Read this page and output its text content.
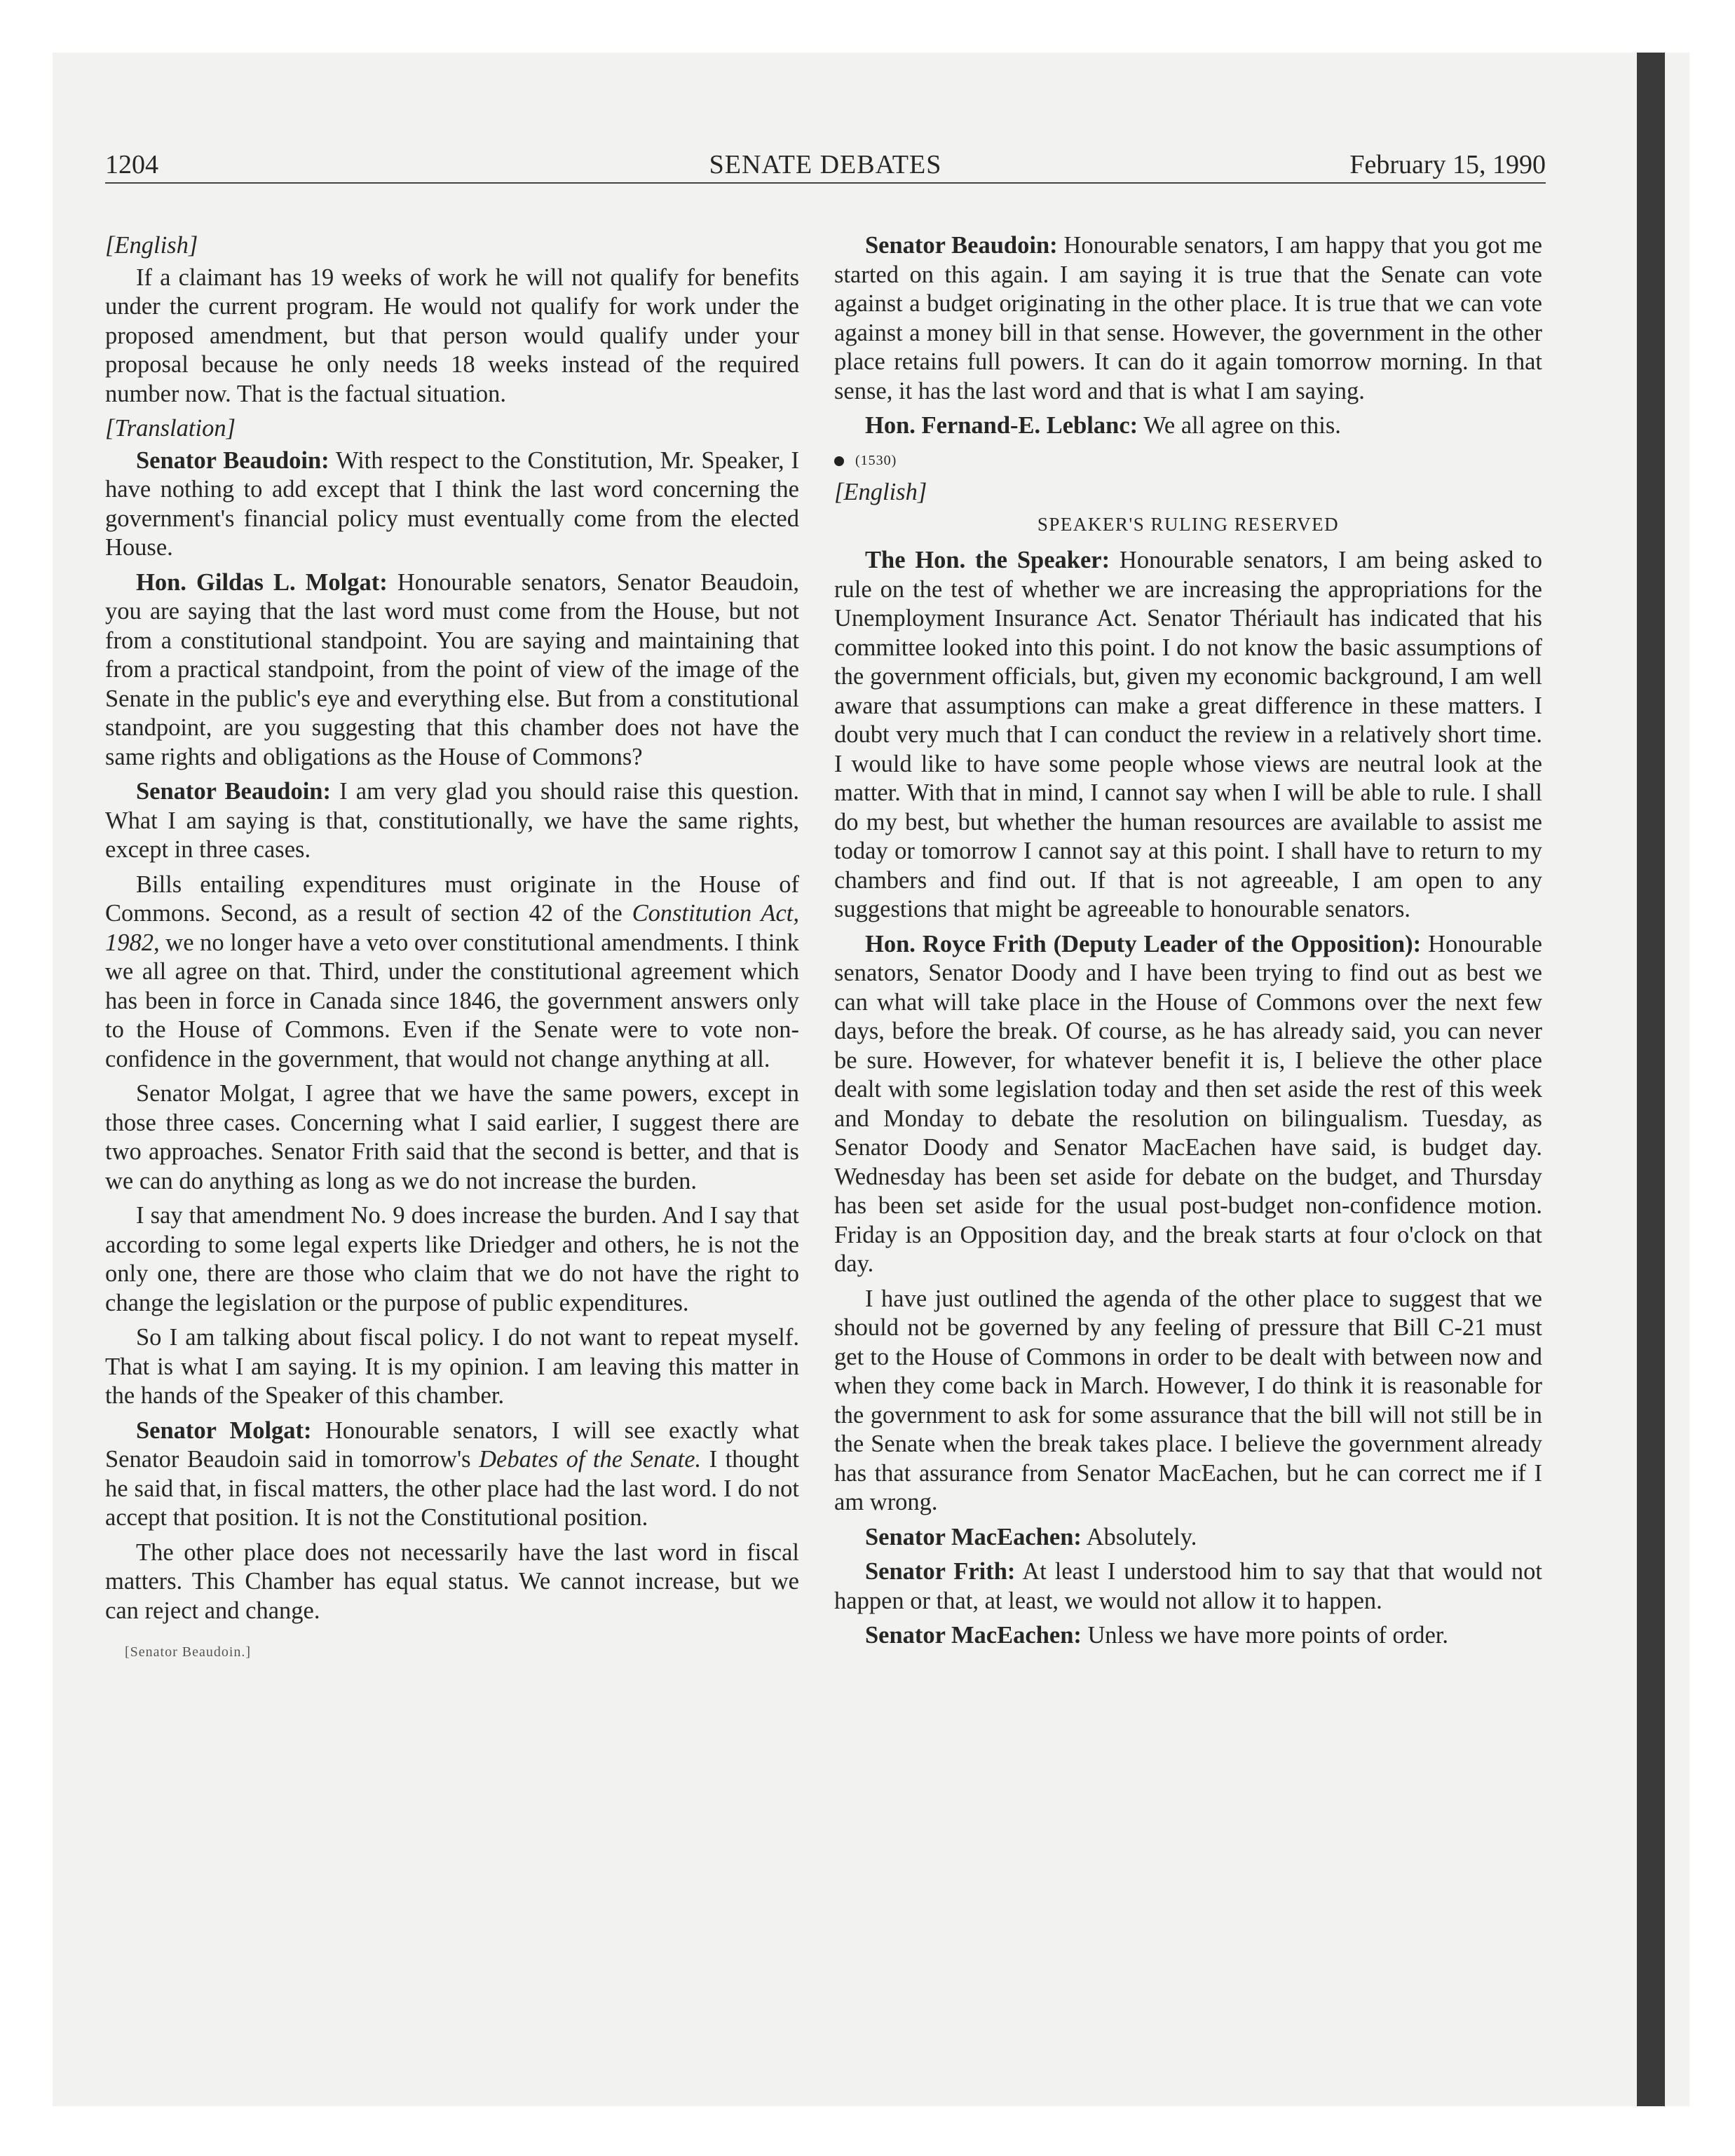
1204	SENATE DEBATES	February 15, 1990
[English]

If a claimant has 19 weeks of work he will not qualify for benefits under the current program. He would not qualify for work under the proposed amendment, but that person would qualify under your proposal because he only needs 18 weeks instead of the required number now. That is the factual situation.

[Translation]

Senator Beaudoin: With respect to the Constitution, Mr. Speaker, I have nothing to add except that I think the last word concerning the government's financial policy must eventually come from the elected House.

Hon. Gildas L. Molgat: Honourable senators, Senator Beaudoin, you are saying that the last word must come from the House, but not from a constitutional standpoint. You are saying and maintaining that from a practical standpoint, from the point of view of the image of the Senate in the public's eye and everything else. But from a constitutional standpoint, are you suggesting that this chamber does not have the same rights and obligations as the House of Commons?

Senator Beaudoin: I am very glad you should raise this question. What I am saying is that, constitutionally, we have the same rights, except in three cases.

Bills entailing expenditures must originate in the House of Commons. Second, as a result of section 42 of the Constitution Act, 1982, we no longer have a veto over constitutional amendments. I think we all agree on that. Third, under the constitutional agreement which has been in force in Canada since 1846, the government answers only to the House of Commons. Even if the Senate were to vote non-confidence in the government, that would not change anything at all.

Senator Molgat, I agree that we have the same powers, except in those three cases. Concerning what I said earlier, I suggest there are two approaches. Senator Frith said that the second is better, and that is we can do anything as long as we do not increase the burden.

I say that amendment No. 9 does increase the burden. And I say that according to some legal experts like Driedger and others, he is not the only one, there are those who claim that we do not have the right to change the legislation or the purpose of public expenditures.

So I am talking about fiscal policy. I do not want to repeat myself. That is what I am saying. It is my opinion. I am leaving this matter in the hands of the Speaker of this chamber.

Senator Molgat: Honourable senators, I will see exactly what Senator Beaudoin said in tomorrow's Debates of the Senate. I thought he said that, in fiscal matters, the other place had the last word. I do not accept that position. It is not the Constitutional position.

The other place does not necessarily have the last word in fiscal matters. This Chamber has equal status. We cannot increase, but we can reject and change.

[Senator Beaudoin.]

Senator Beaudoin: Honourable senators, I am happy that you got me started on this again. I am saying it is true that the Senate can vote against a budget originating in the other place. It is true that we can vote against a money bill in that sense. However, the government in the other place retains full powers. It can do it again tomorrow morning. In that sense, it has the last word and that is what I am saying.

Hon. Fernand-E. Leblanc: We all agree on this.

(1530)
[English]
SPEAKER'S RULING RESERVED

The Hon. the Speaker: Honourable senators, I am being asked to rule on the test of whether we are increasing the appropriations for the Unemployment Insurance Act. Senator Thériault has indicated that his committee looked into this point. I do not know the basic assumptions of the government officials, but, given my economic background, I am well aware that assumptions can make a great difference in these matters. I doubt very much that I can conduct the review in a relatively short time. I would like to have some people whose views are neutral look at the matter. With that in mind, I cannot say when I will be able to rule. I shall do my best, but whether the human resources are available to assist me today or tomorrow I cannot say at this point. I shall have to return to my chambers and find out. If that is not agreeable, I am open to any suggestions that might be agreeable to honourable senators.

Hon. Royce Frith (Deputy Leader of the Opposition): Honourable senators, Senator Doody and I have been trying to find out as best we can what will take place in the House of Commons over the next few days, before the break. Of course, as he has already said, you can never be sure. However, for whatever benefit it is, I believe the other place dealt with some legislation today and then set aside the rest of this week and Monday to debate the resolution on bilingualism. Tuesday, as Senator Doody and Senator MacEachen have said, is budget day. Wednesday has been set aside for debate on the budget, and Thursday has been set aside for the usual post-budget non-confidence motion. Friday is an Opposition day, and the break starts at four o'clock on that day.

I have just outlined the agenda of the other place to suggest that we should not be governed by any feeling of pressure that Bill C-21 must get to the House of Commons in order to be dealt with between now and when they come back in March. However, I do think it is reasonable for the government to ask for some assurance that the bill will not still be in the Senate when the break takes place. I believe the government already has that assurance from Senator MacEachen, but he can correct me if I am wrong.

Senator MacEachen: Absolutely.

Senator Frith: At least I understood him to say that that would not happen or that, at least, we would not allow it to happen.

Senator MacEachen: Unless we have more points of order.
